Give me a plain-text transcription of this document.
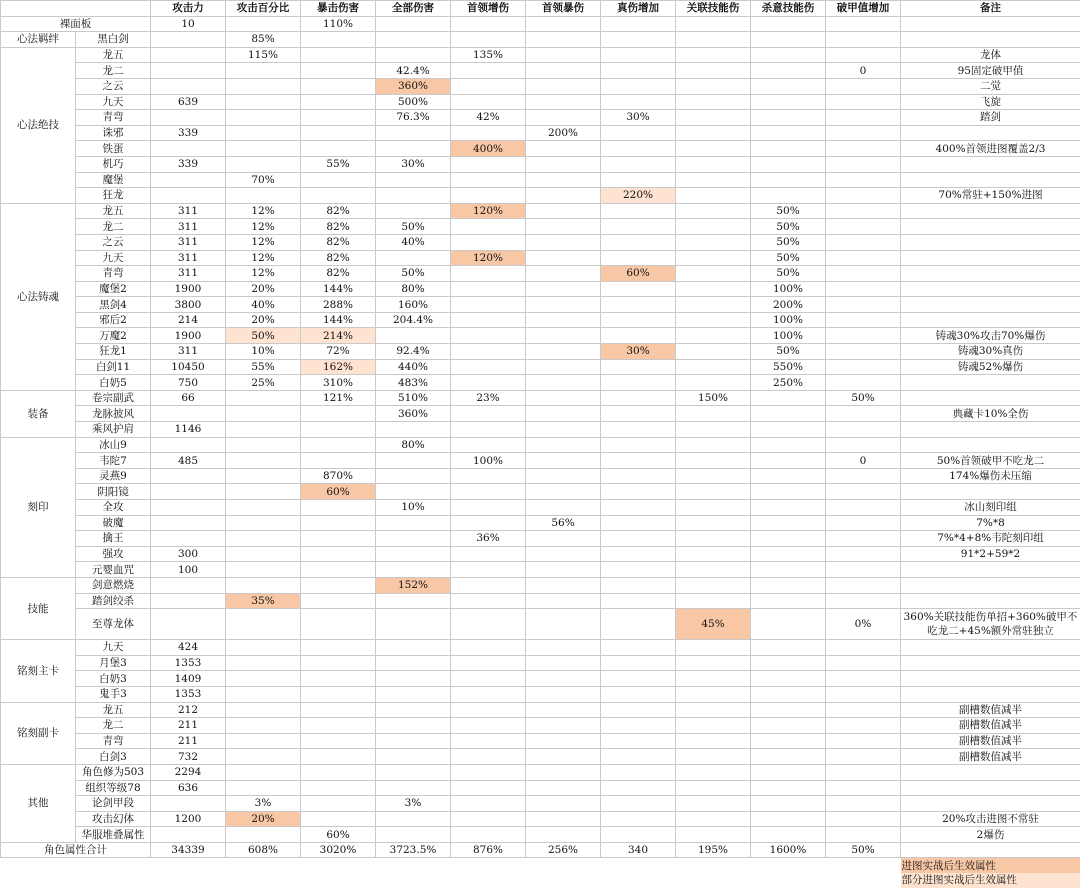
		攻击力	攻击百分比	暴击伤害	全部伤害	首领增伤	首领暴伤	真伤增加	关联技能伤	杀意技能伤	破甲值增加	备注
裸面板		10		110%								
心法羁绊	黑白剑		85%									
心法绝技	龙五		115%			135%						龙体
	龙二				42.4%						0	95固定破甲值
	之云				360%							二觉
	九天	639			500%							飞旋
	青弯				76.3%	42%		30%				踏剑
	诛邪	339					200%					
	铁蛋					400%						400%首领进图覆盖2/3
	机巧	339		55%	30%							
	魔堡		70%									
	狂龙							220%				70%常驻+150%进图
心法铸魂	龙五	311	12%	82%		120%				50%		
	龙二	311	12%	82%	50%					50%		
	之云	311	12%	82%	40%					50%		
	九天	311	12%	82%		120%				50%		
	青弯	311	12%	82%	50%			60%		50%		
	魔堡2	1900	20%	144%	80%					100%		
	黑剑4	3800	40%	288%	160%					200%		
	邪后2	214	20%	144%	204.4%					100%		
	万魔2	1900	50%	214%						100%		铸魂30%攻击70%爆伤
	狂龙1	311	10%	72%	92.4%			30%		50%		铸魂30%真伤
	白剑11	10450	55%	162%	440%					550%		铸魂52%爆伤
	白奶5	750	25%	310%	483%					250%		
装备	卷宗副武	66		121%	510%	23%			150%		50%	
	龙脉披风				360%							典藏卡10%全伤
	乘风护肩	1146										
刻印	冰山9				80%							
	韦陀7	485				100%					0	50%首领破甲不吃龙二
	灵燕9			870%								174%爆伤未压缩
	阴阳镜			60%								
	全攻				10%							冰山刻印组
	破魔						56%					7%*8
	擒王					36%						7%*4+8%韦陀刻印组
	强攻	300										91*2+59*2
	元婴血咒	100										
技能	剑意燃烧				152%							
	踏剑绞杀		35%									
	至尊龙体								45%		0%	360%关联技能伤单招+360%破甲不吃龙二+45%额外常驻独立
铭刻主卡	九天	424										
	月堡3	1353										
	白奶3	1409										
	鬼手3	1353										
铭刻副卡	龙五	212										副槽数值减半
	龙二	211										副槽数值减半
	青弯	211										副槽数值减半
	白剑3	732										副槽数值减半
其他	角色修为503	2294										
	组织等级78	636										
	论剑甲段		3%		3%							
	攻击幻体	1200	20%									20%攻击进图不常驻
	华服堆叠属性			60%								2爆伤
角色属性合计		34339	608%	3020%	3723.5%	876%	256%	340	195%	1600%	50%	
												进图实战后生效属性
												部分进图实战后生效属性
